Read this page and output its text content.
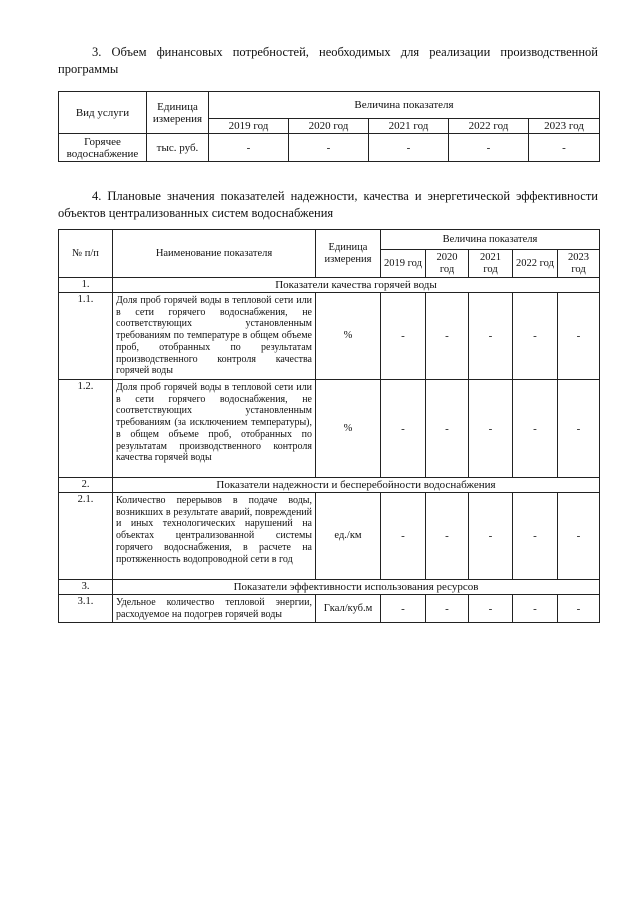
3. Объем финансовых потребностей, необходимых для реализации производственной
программы
Вид услуги	Единица измерения	Величина показателя				
		2019 год	2020 год	2021 год	2022 год	2023 год
Горячее водоснабжение	тыс. руб.	-	-	-	-	-
4. Плановые значения показателей надежности, качества и энергетической эффективности
объектов централизованных систем водоснабжения
№ п/п	Наименование показателя	Единица измерения	Величина показателя				
			2019 год	2020 год	2021 год	2022 год	2023 год
1.	Показатели качества горячей воды						
1.1.	Доля проб горячей воды в тепловой сети или в сети горячего водоснабжения, не соответствующих установленным требованиям по температуре в общем объеме проб, отобранных по результатам производственного контроля качества горячей воды	%	-	-	-	-	-
1.2.	Доля проб горячей воды в тепловой сети или в сети горячего водоснабжения, не соответствующих установленным требованиям (за исключением температуры), в общем объеме проб, отобранных по результатам производственного контроля качества горячей воды	%	-	-	-	-	-
2.	Показатели надежности и бесперебойности водоснабжения						
2.1.	Количество перерывов в подаче воды, возникших в результате аварий, повреждений и иных технологических нарушений на объектах централизованной системы горячего водоснабжения, в расчете на протяженность водопроводной сети в год	ед./км	-	-	-	-	-
3.	Показатели эффективности использования ресурсов						
3.1.	Удельное количество тепловой энергии, расходуемое на подогрев горячей воды	Гкал/куб.м	-	-	-	-	-
